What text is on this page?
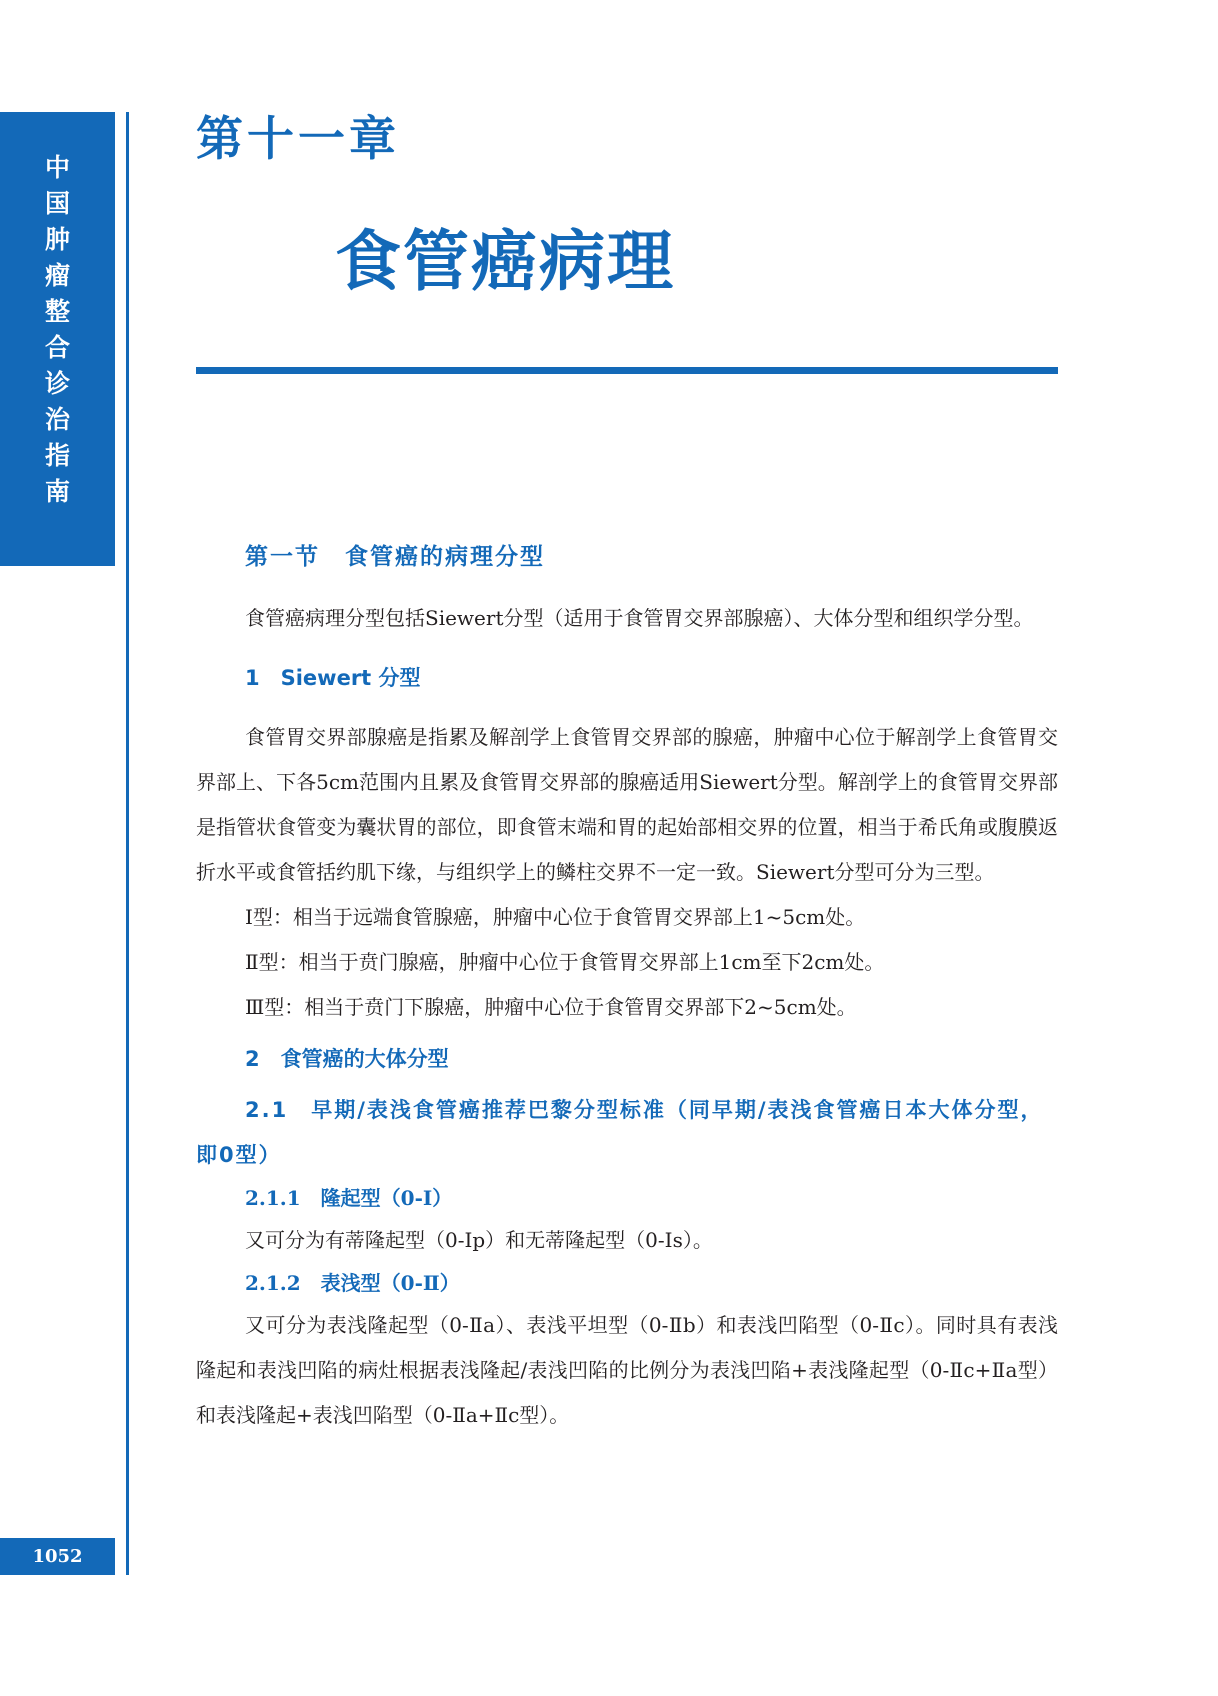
中
国
肿
瘤
整
合
诊
治
指
南
1052
第十一章
食管癌病理
第一节　食管癌的病理分型

食管癌病理分型包括Siewert分型（适用于食管胃交界部腺癌）、大体分型和组织学分型。

1　Siewert 分型

食管胃交界部腺癌是指累及解剖学上食管胃交界部的腺癌，肿瘤中心位于解剖学上食管胃交界部上、下各5cm范围内且累及食管胃交界部的腺癌适用Siewert分型。解剖学上的食管胃交界部是指管状食管变为囊状胃的部位，即食管末端和胃的起始部相交界的位置，相当于希氏角或腹膜返折水平或食管括约肌下缘，与组织学上的鳞柱交界不一定一致。Siewert分型可分为三型。

Ⅰ型：相当于远端食管腺癌，肿瘤中心位于食管胃交界部上1~5cm处。

Ⅱ型：相当于贲门腺癌，肿瘤中心位于食管胃交界部上1cm至下2cm处。

Ⅲ型：相当于贲门下腺癌，肿瘤中心位于食管胃交界部下2~5cm处。

2　食管癌的大体分型
2.1　早期/表浅食管癌推荐巴黎分型标准（同早期/表浅食管癌日本大体分型，即0型）
2.1.1　隆起型（0-Ⅰ）

又可分为有蒂隆起型（0-Ⅰp）和无蒂隆起型（0-Ⅰs）。

2.1.2　表浅型（0-Ⅱ）

又可分为表浅隆起型（0-Ⅱa）、表浅平坦型（0-Ⅱb）和表浅凹陷型（0-Ⅱc）。同时具有表浅隆起和表浅凹陷的病灶根据表浅隆起/表浅凹陷的比例分为表浅凹陷+表浅隆起型（0-Ⅱc+Ⅱa型）和表浅隆起+表浅凹陷型（0-Ⅱa+Ⅱc型）。
